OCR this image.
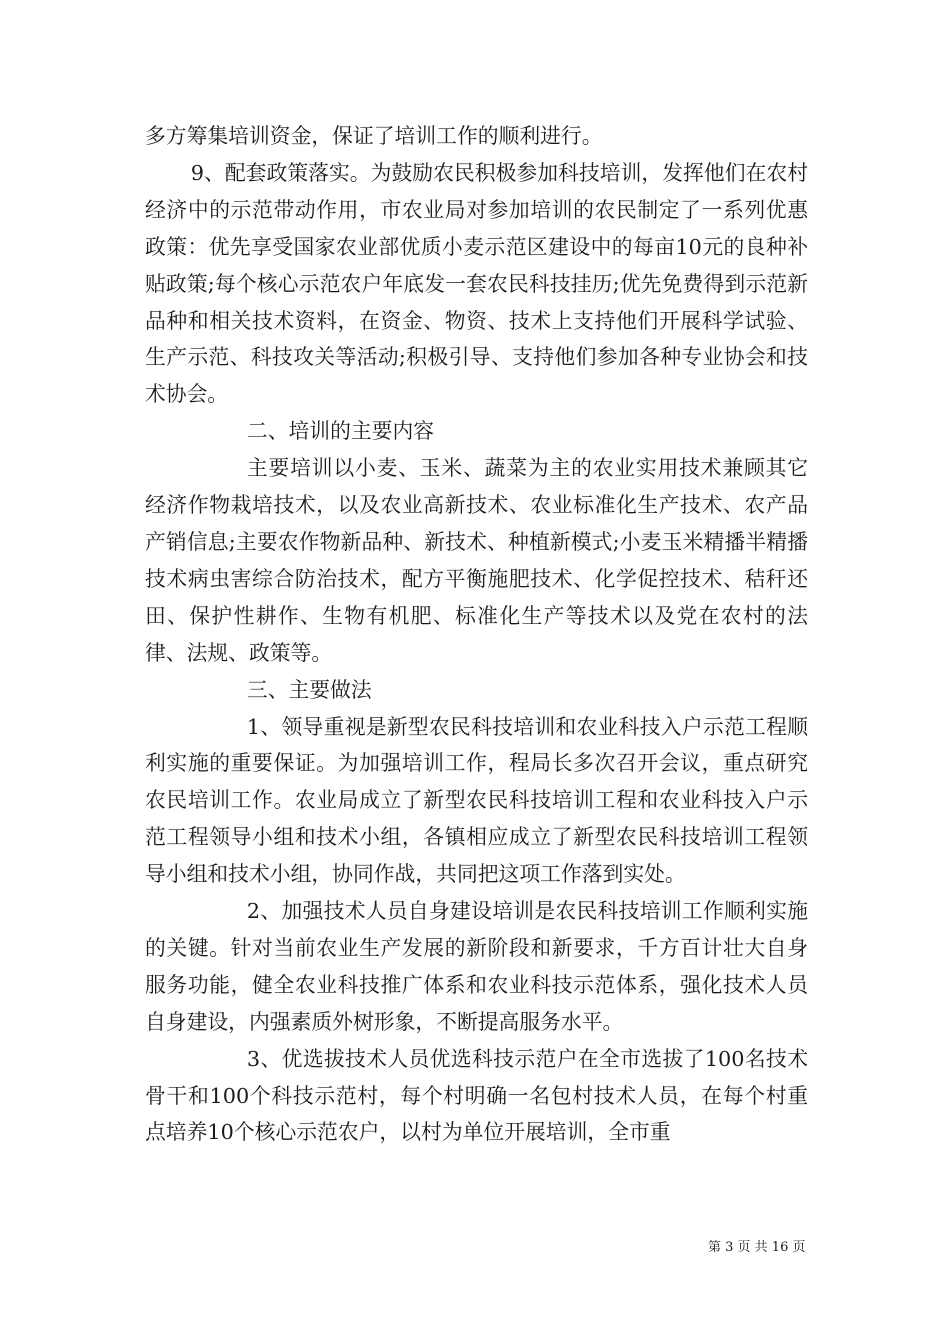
多方筹集培训资金，保证了培训工作的顺利进行。

9、配套政策落实。为鼓励农民积极参加科技培训，发挥他们在农村经济中的示范带动作用，市农业局对参加培训的农民制定了一系列优惠政策：优先享受国家农业部优质小麦示范区建设中的每亩10元的良种补贴政策;每个核心示范农户年底发一套农民科技挂历;优先免费得到示范新品种和相关技术资料，在资金、物资、技术上支持他们开展科学试验、生产示范、科技攻关等活动;积极引导、支持他们参加各种专业协会和技术协会。

二、培训的主要内容

主要培训以小麦、玉米、蔬菜为主的农业实用技术兼顾其它经济作物栽培技术，以及农业高新技术、农业标准化生产技术、农产品产销信息;主要农作物新品种、新技术、种植新模式;小麦玉米精播半精播技术病虫害综合防治技术，配方平衡施肥技术、化学促控技术、秸秆还田、保护性耕作、生物有机肥、标准化生产等技术以及党在农村的法律、法规、政策等。

三、主要做法

1、领导重视是新型农民科技培训和农业科技入户示范工程顺利实施的重要保证。为加强培训工作，程局长多次召开会议，重点研究农民培训工作。农业局成立了新型农民科技培训工程和农业科技入户示范工程领导小组和技术小组，各镇相应成立了新型农民科技培训工程领导小组和技术小组，协同作战，共同把这项工作落到实处。

2、加强技术人员自身建设培训是农民科技培训工作顺利实施的关键。针对当前农业生产发展的新阶段和新要求，千方百计壮大自身服务功能，健全农业科技推广体系和农业科技示范体系，强化技术人员自身建设，内强素质外树形象，不断提高服务水平。

3、优选拔技术人员优选科技示范户在全市选拔了100名技术骨干和100个科技示范村，每个村明确一名包村技术人员，在每个村重点培养10个核心示范农户，以村为单位开展培训，全市重

第 3 页 共 16 页
